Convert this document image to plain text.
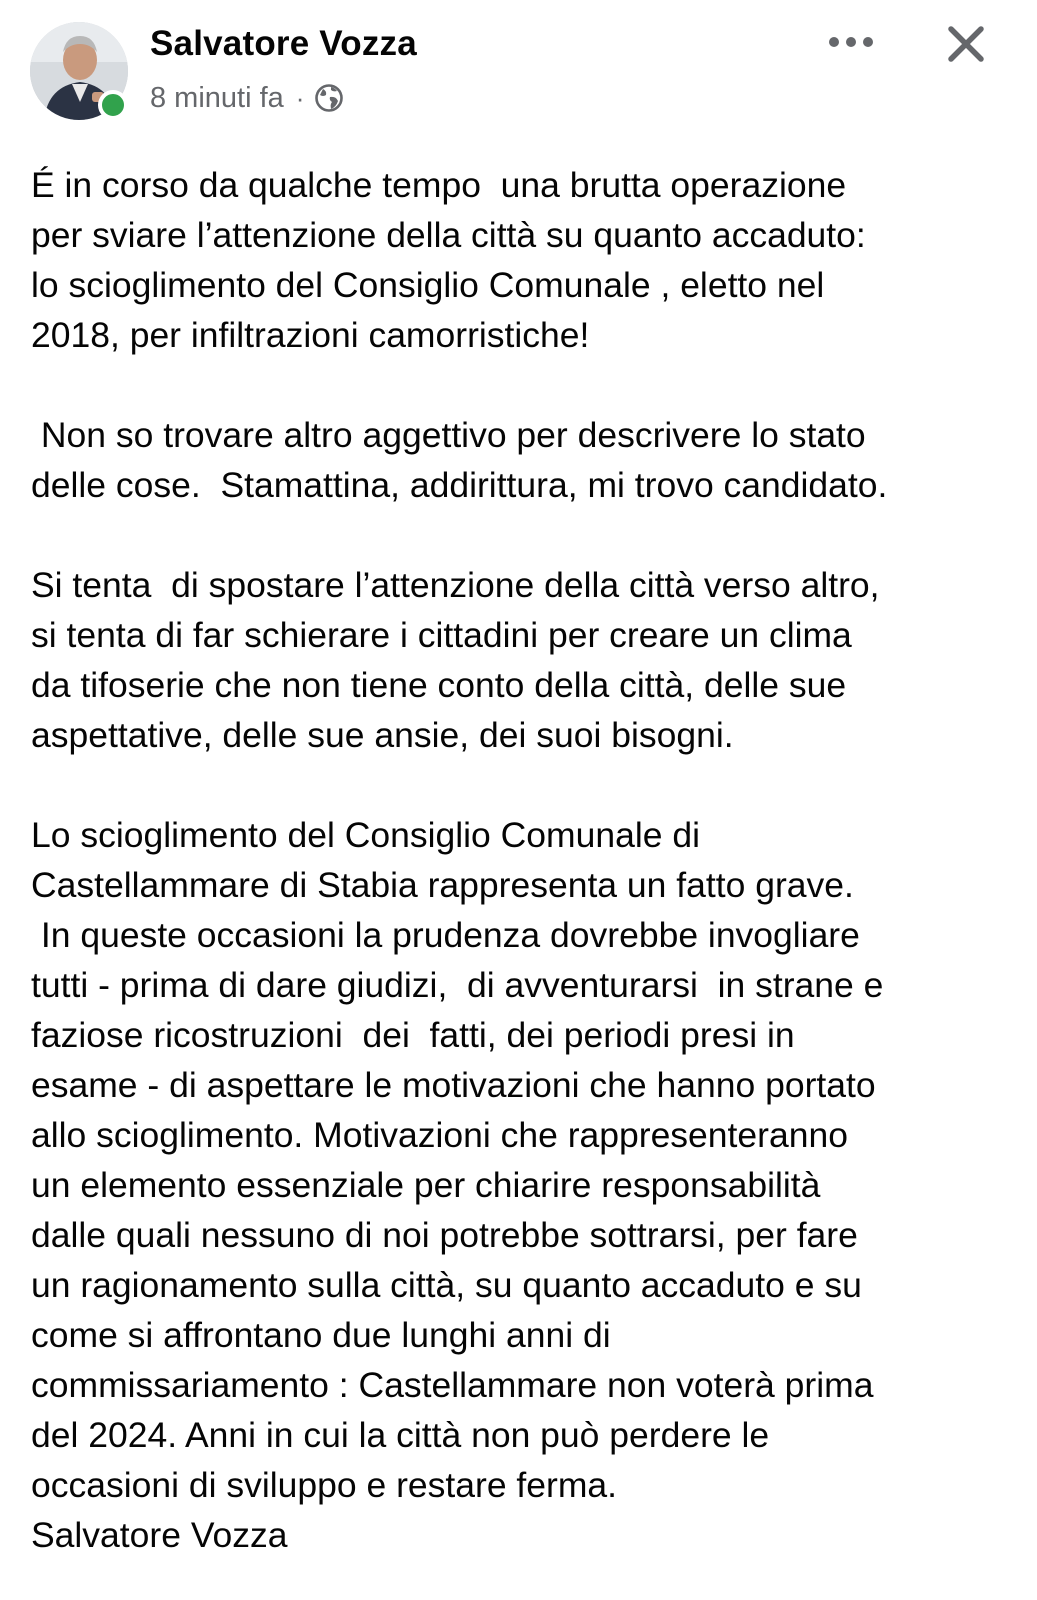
Salvatore Vozza
8 minuti fa ·

É in corso da qualche tempo  una brutta operazione

per sviare l’attenzione della città su quanto accaduto:

lo scioglimento del Consiglio Comunale , eletto nel

2018, per infiltrazioni camorristiche!

Non so trovare altro aggettivo per descrivere lo stato

delle cose.  Stamattina, addirittura, mi trovo candidato.

Si tenta  di spostare l’attenzione della città verso altro,

si tenta di far schierare i cittadini per creare un clima

da tifoserie che non tiene conto della città, delle sue

aspettative, delle sue ansie, dei suoi bisogni.

Lo scioglimento del Consiglio Comunale di

Castellammare di Stabia rappresenta un fatto grave.

In queste occasioni la prudenza dovrebbe invogliare

tutti - prima di dare giudizi,  di avventurarsi  in strane e

faziose ricostruzioni  dei  fatti, dei periodi presi in

esame - di aspettare le motivazioni che hanno portato

allo scioglimento. Motivazioni che rappresenteranno

un elemento essenziale per chiarire responsabilità

dalle quali nessuno di noi potrebbe sottrarsi, per fare

un ragionamento sulla città, su quanto accaduto e su

come si affrontano due lunghi anni di

commissariamento : Castellammare non voterà prima

del 2024. Anni in cui la città non può perdere le

occasioni di sviluppo e restare ferma.

Salvatore Vozza
